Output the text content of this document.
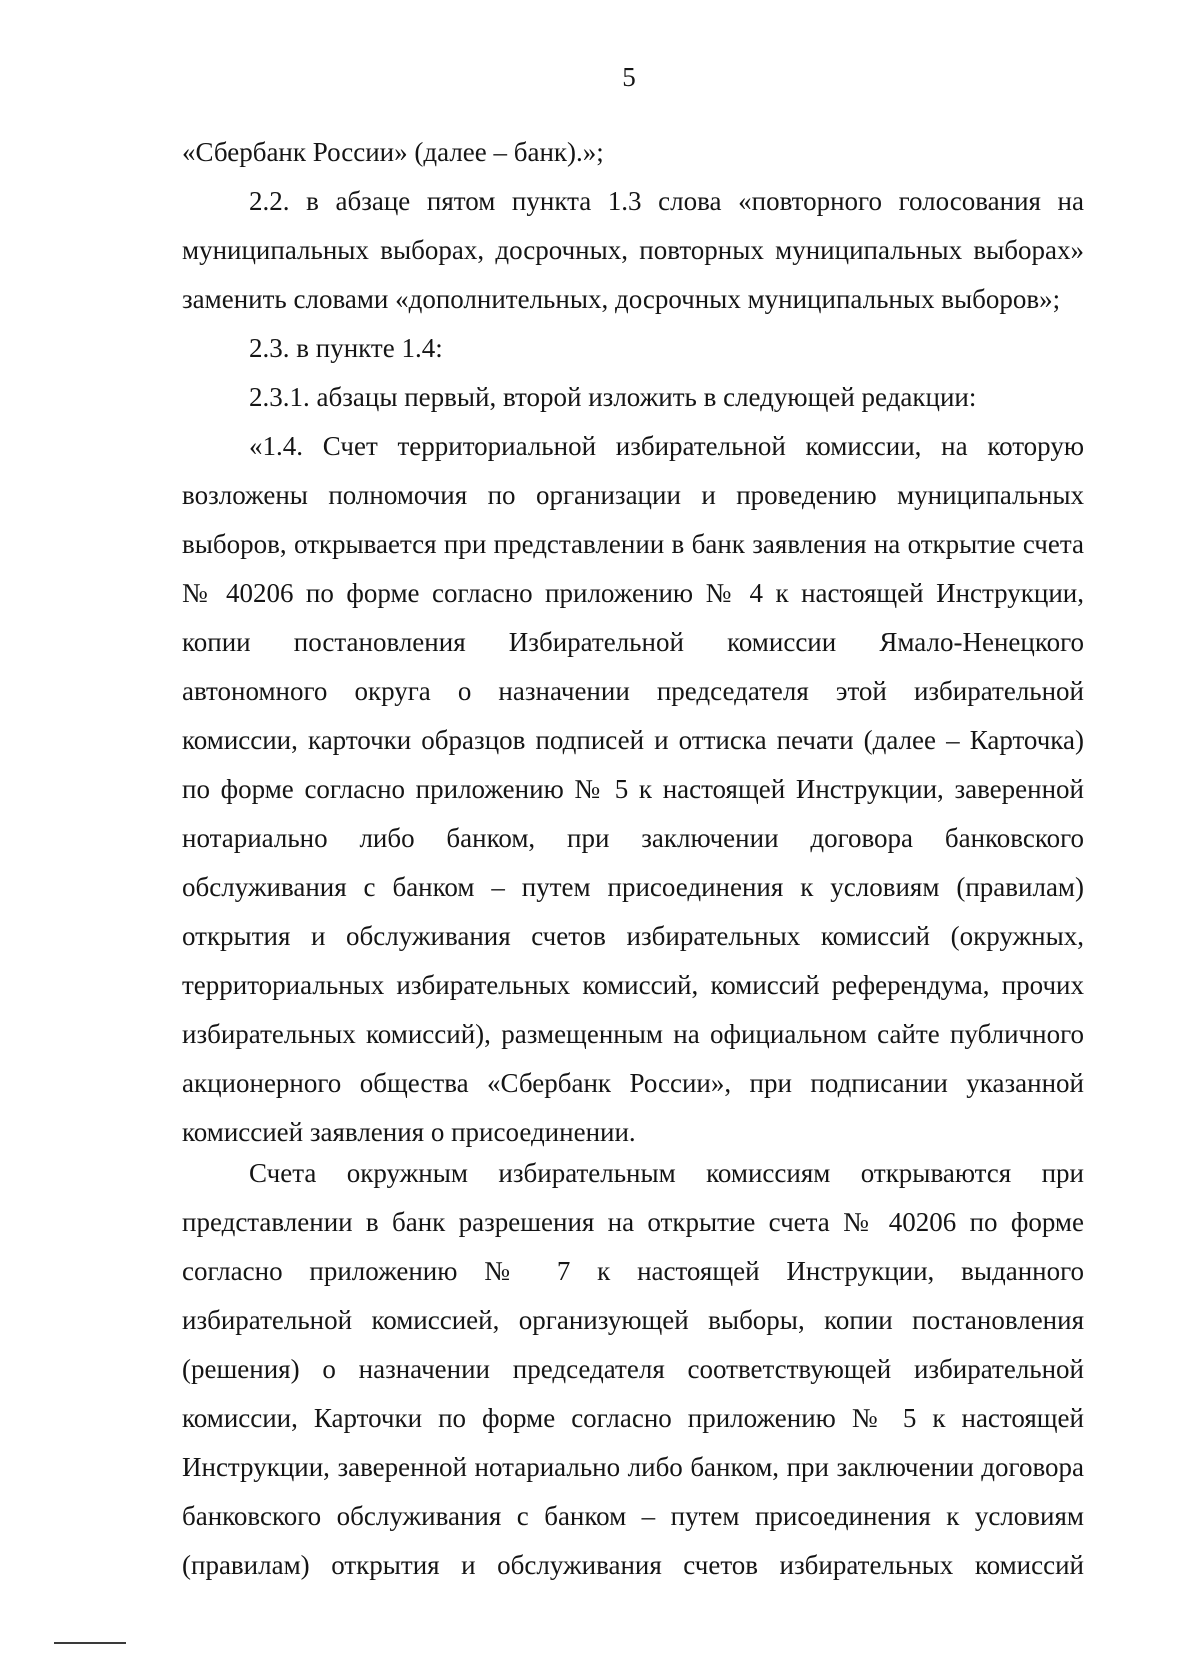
5
«Сбербанк России» (далее – банк).»;
2.2. в абзаце пятом пункта 1.3 слова «повторного голосования на
муниципальных выборах, досрочных, повторных муниципальных выборах»
заменить словами «дополнительных, досрочных муниципальных выборов»;
2.3. в пункте 1.4:
2.3.1. абзацы первый, второй изложить в следующей редакции:
«1.4. Счет территориальной избирательной комиссии, на которую
возложены полномочия по организации и проведению муниципальных
выборов, открывается при представлении в банк заявления на открытие счета
№ 40206 по форме согласно приложению № 4 к настоящей Инструкции,
копии постановления Избирательной комиссии Ямало-Ненецкого
автономного округа о назначении председателя этой избирательной
комиссии, карточки образцов подписей и оттиска печати (далее – Карточка)
по форме согласно приложению № 5 к настоящей Инструкции, заверенной
нотариально либо банком, при заключении договора банковского
обслуживания с банком – путем присоединения к условиям (правилам)
открытия и обслуживания счетов избирательных комиссий (окружных,
территориальных избирательных комиссий, комиссий референдума, прочих
избирательных комиссий), размещенным на официальном сайте публичного
акционерного общества «Сбербанк России», при подписании указанной
комиссией заявления о присоединении.
Счета окружным избирательным комиссиям открываются при
представлении в банк разрешения на открытие счета № 40206 по форме
согласно приложению № 7 к настоящей Инструкции, выданного
избирательной комиссией, организующей выборы, копии постановления
(решения) о назначении председателя соответствующей избирательной
комиссии, Карточки по форме согласно приложению № 5 к настоящей
Инструкции, заверенной нотариально либо банком, при заключении договора
банковского обслуживания с банком – путем присоединения к условиям
(правилам) открытия и обслуживания счетов избирательных комиссий
